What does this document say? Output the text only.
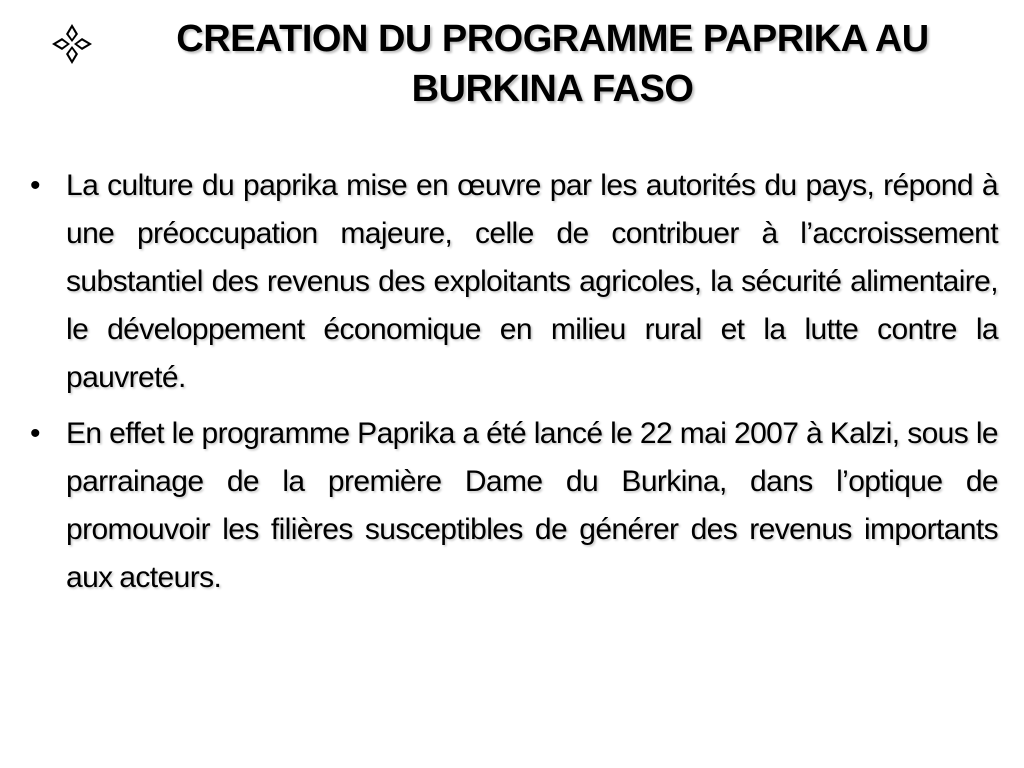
CREATION DU PROGRAMME PAPRIKA AU BURKINA FASO
• La culture du paprika mise en œuvre par les autorités du pays, répond à une préoccupation majeure, celle de contribuer à l’accroissement substantiel des revenus des exploitants agricoles, la sécurité alimentaire, le développement économique en milieu rural et la lutte contre la pauvreté.
• En effet le programme Paprika a été lancé le 22 mai 2007 à Kalzi, sous le parrainage de la première Dame du Burkina, dans l’optique de promouvoir les filières susceptibles de générer des revenus importants aux acteurs.
